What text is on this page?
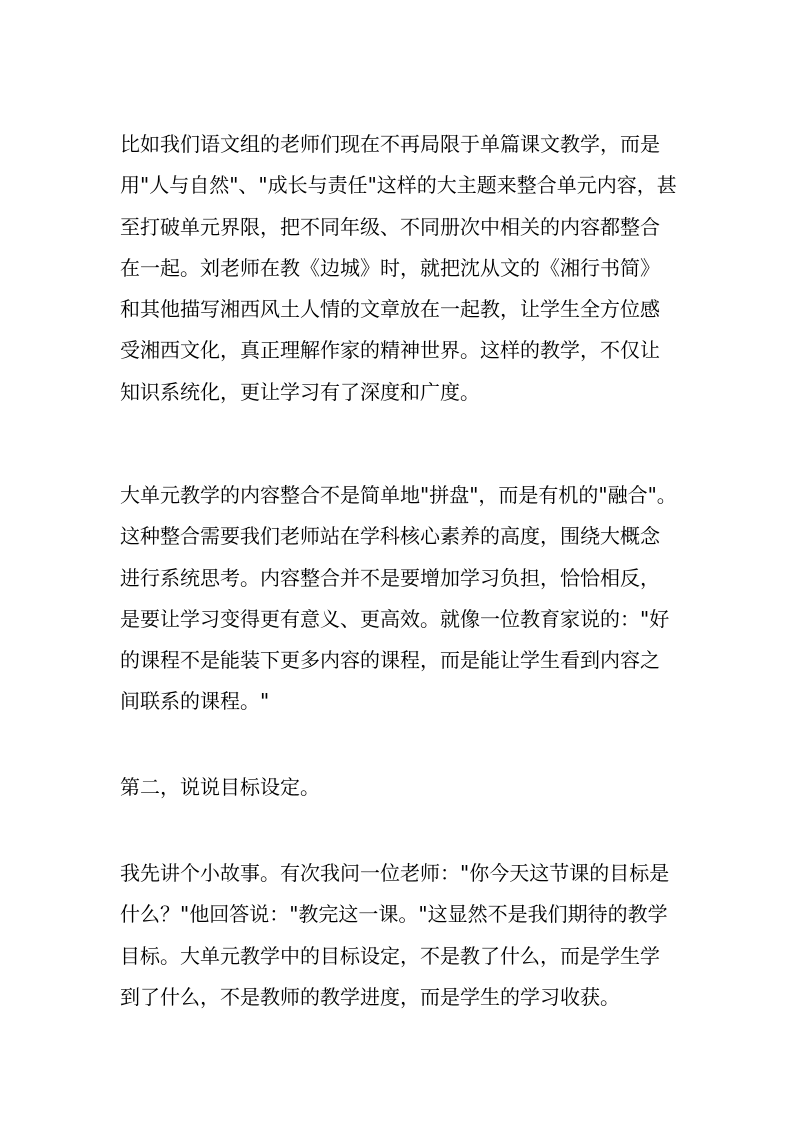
比如我们语文组的老师们现在不再局限于单篇课文教学，而是
用"人与自然"、"成长与责任"这样的大主题来整合单元内容，甚
至打破单元界限，把不同年级、不同册次中相关的内容都整合
在一起。刘老师在教《边城》时，就把沈从文的《湘行书简》
和其他描写湘西风土人情的文章放在一起教，让学生全方位感
受湘西文化，真正理解作家的精神世界。这样的教学，不仅让
知识系统化，更让学习有了深度和广度。
大单元教学的内容整合不是简单地"拼盘"，而是有机的"融合"。
这种整合需要我们老师站在学科核心素养的高度，围绕大概念
进行系统思考。内容整合并不是要增加学习负担，恰恰相反，
是要让学习变得更有意义、更高效。就像一位教育家说的："好
的课程不是能装下更多内容的课程，而是能让学生看到内容之
间联系的课程。"
第二，说说目标设定。
我先讲个小故事。有次我问一位老师："你今天这节课的目标是
什么？"他回答说："教完这一课。"这显然不是我们期待的教学
目标。大单元教学中的目标设定，不是教了什么，而是学生学
到了什么，不是教师的教学进度，而是学生的学习收获。
